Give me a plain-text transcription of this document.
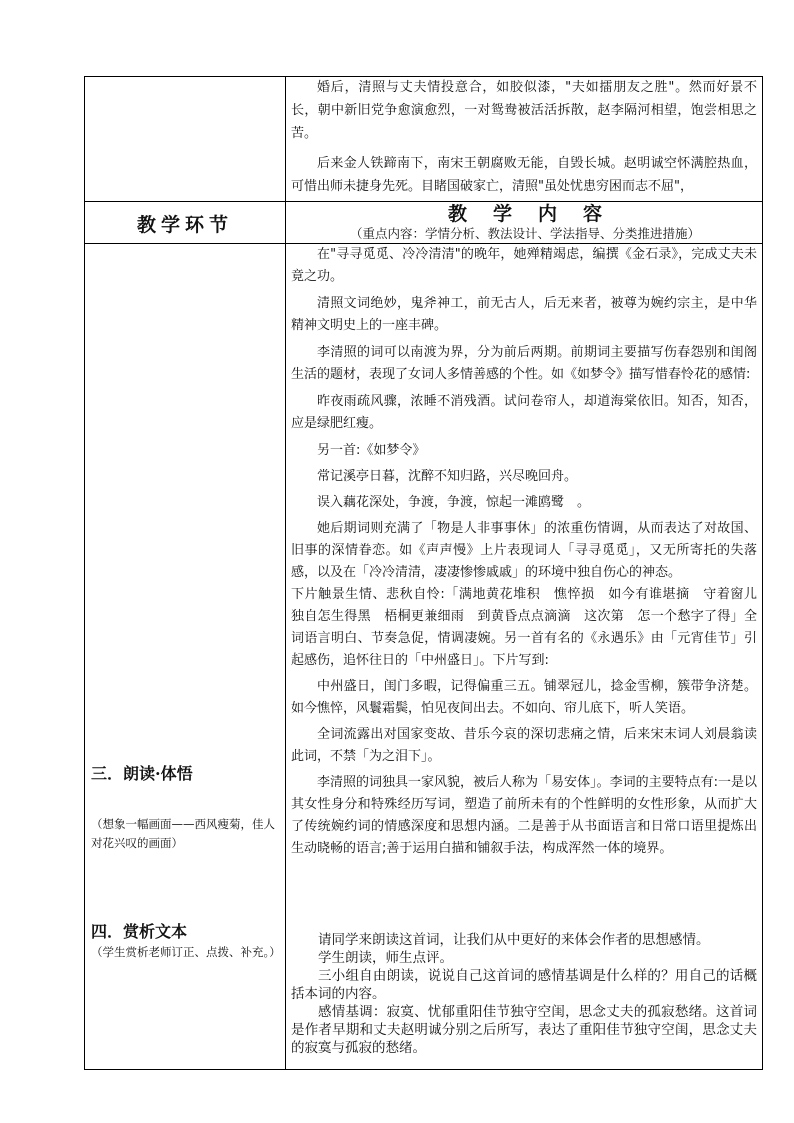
婚后，清照与丈夫情投意合，如胶似漆，"夫如擂朋友之胜"。然而好景不长，朝中新旧党争愈演愈烈，一对鸳鸯被活活拆散，赵李隔河相望，饱尝相思之苦。

后来金人铁蹄南下，南宋王朝腐败无能，自毁长城。赵明诚空怀满腔热血，可惜出师未捷身先死。目睹国破家亡，清照"虽处忧患穷困而志不屈"，

教学环节	教学内容
（重点内容：学情分析、教法设计、学法指导、分类推进措施）

在"寻寻觅觅、冷冷清清"的晚年，她殚精竭虑，编撰《金石录》，完成丈夫未竟之功。

清照文词绝妙，鬼斧神工，前无古人，后无来者，被尊为婉约宗主，是中华精神文明史上的一座丰碑。

李清照的词可以南渡为界，分为前后两期。前期词主要描写伤春怨别和闺阁生活的题材，表现了女词人多情善感的个性。如《如梦令》描写惜春怜花的感情:

昨夜雨疏风骤，浓睡不消残酒。试问卷帘人，却道海棠依旧。知否，知否，应是绿肥红瘦。

另一首:《如梦令》

常记溪亭日暮，沈醉不知归路，兴尽晚回舟。

误入藕花深处，争渡，争渡，惊起一滩鸥鹭　。

她后期词则充满了「物是人非事事休」的浓重伤情调，从而表达了对故国、旧事的深情眷恋。如《声声慢》上片表现词人「寻寻觅觅」，又无所寄托的失落感，以及在「冷冷清清，凄凄惨惨戚戚」的环境中独自伤心的神态。

下片触景生情、悲秋自怜:「满地黄花堆积　憔悴损　如今有谁堪摘　守着窗儿　独自怎生得黑　梧桐更兼细雨　到黄昏点点滴滴　这次第　怎一个愁字了得」全词语言明白、节奏急促，情调凄婉。另一首有名的《永遇乐》由「元宵佳节」引起感伤，追怀往日的「中州盛日」。下片写到:

中州盛日，闺门多暇，记得偏重三五。铺翠冠儿，捻金雪柳，簇带争济楚。如今憔悴，风鬟霜鬓，怕见夜间出去。不如向、帘儿底下，听人笑语。

全词流露出对国家变故、昔乐今哀的深切悲痛之情，后来宋末词人刘晨翁读此词，不禁「为之泪下」。

李清照的词独具一家风貌，被后人称为「易安体」。李词的主要特点有:一是以其女性身分和特殊经历写词，塑造了前所未有的个性鲜明的女性形象，从而扩大了传统婉约词的情感深度和思想内涵。二是善于从书面语言和日常口语里提炼出生动晓畅的语言;善于运用白描和铺叙手法，构成浑然一体的境界。

请同学来朗读这首词，让我们从中更好的来体会作者的思想感情。

学生朗读，师生点评。

三小组自由朗读，说说自己这首词的感情基调是什么样的？用自己的话概括本词的内容。

感情基调：寂寞、忧郁重阳佳节独守空闺，思念丈夫的孤寂愁绪。这首词是作者早期和丈夫赵明诚分别之后所写，表达了重阳佳节独守空闺，思念丈夫的寂寞与孤寂的愁绪。

三．朗读·体悟
（想象一幅画面——西风瘦菊，佳人对花兴叹的画面）
四．赏析文本
（学生赏析老师订正、点拨、补充。）
